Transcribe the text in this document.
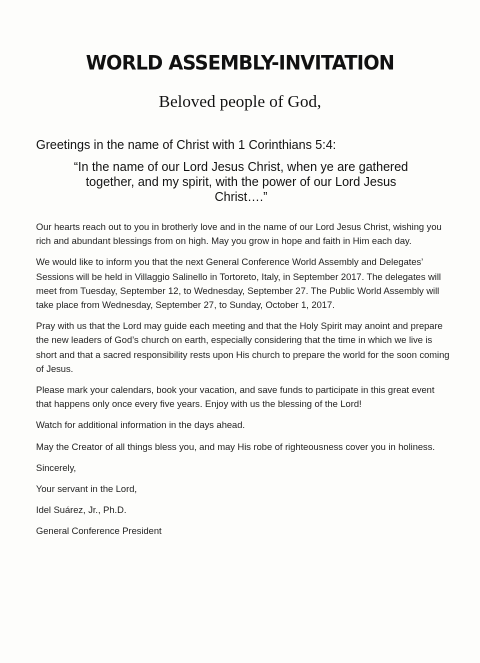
WORLD ASSEMBLY-INVITATION
Beloved people of God,
Greetings in the name of Christ with 1 Corinthians 5:4:
“In the name of our Lord Jesus Christ, when ye are gathered
together, and my spirit, with the power of our Lord Jesus
Christ….”

Our hearts reach out to you in brotherly love and in the name of our Lord Jesus Christ, wishing you rich and abundant blessings from on high. May you grow in hope and faith in Him each day.

We would like to inform you that the next General Conference World Assembly and Delegates’ Sessions will be held in Villaggio Salinello in Tortoreto, Italy, in September 2017. The delegates will meet from Tuesday, September 12, to Wednesday, September 27. The Public World Assembly will take place from Wednesday, September 27, to Sunday, October 1, 2017.

Pray with us that the Lord may guide each meeting and that the Holy Spirit may anoint and prepare the new leaders of God’s church on earth, especially considering that the time in which we live is short and that a sacred responsibility rests upon His church to prepare the world for the soon coming of Jesus.

Please mark your calendars, book your vacation, and save funds to participate in this great event that happens only once every five years. Enjoy with us the blessing of the Lord!

Watch for additional information in the days ahead.

May the Creator of all things bless you, and may His robe of righteousness cover you in holiness.

Sincerely,

Your servant in the Lord,

Idel Suárez, Jr., Ph.D.

General Conference President
